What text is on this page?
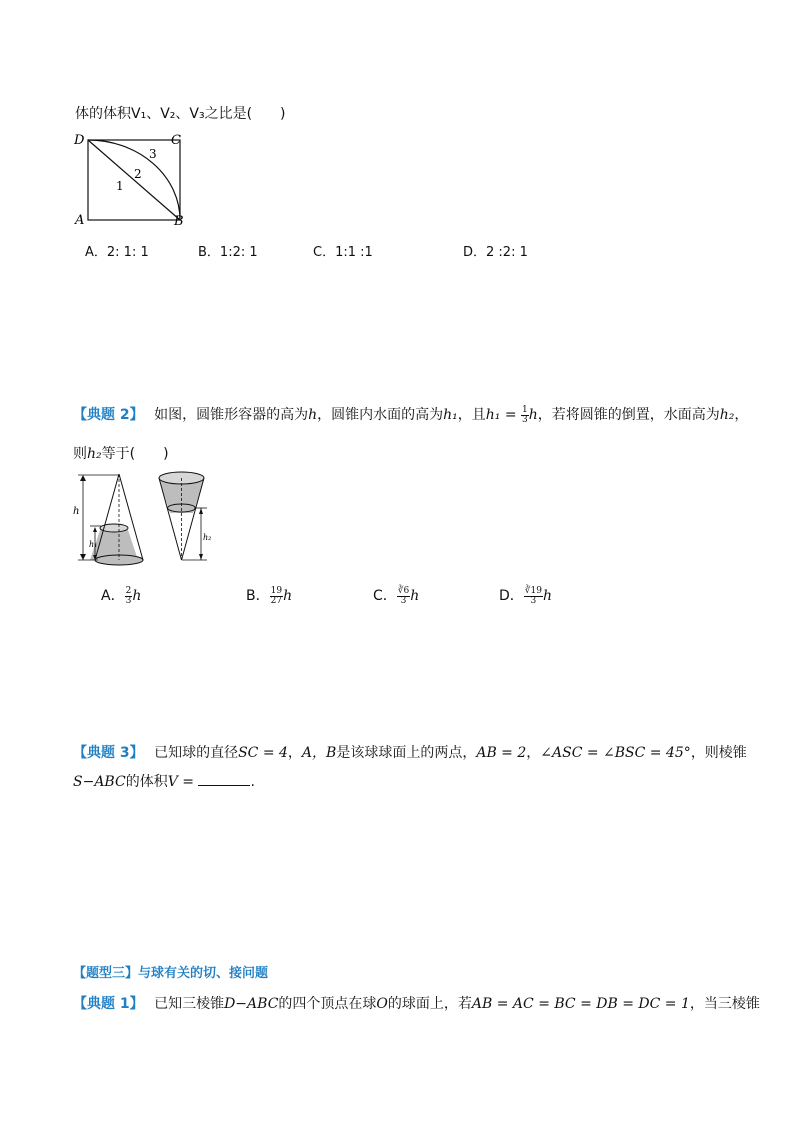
体的体积V₁、V₂、V₃之比是(　　)
D	C
A	B
1
2
3
A．2: 1: 1	B．1:2: 1	C．1:1 :1	D．2 :2: 1
【典题 2】 如图，圆锥形容器的高为h，圆锥内水面的高为h₁，且$h_1 = \frac{1}{3}$ h，若将圆锥的倒置，水面高为h₂，
则h₂等于(　　)
h
h₁
h₂
A． $\frac{2}{3}$ h	B． $\frac{19}{27}$ h	C． $\frac{∛6}{3}$ h	D． $\frac{∛19}{3}$ h
【典题 3】 已知球的直径SC = 4，A，B是该球球面上的两点，AB = 2，∠ASC = ∠BSC = 45°，则棱锥
S−ABC的体积V =	.
【题型三】与球有关的切、接问题
【典题 1】 已知三棱锥D−ABC的四个顶点在球O的球面上，若AB = AC = BC = DB = DC = 1，当三棱锥
